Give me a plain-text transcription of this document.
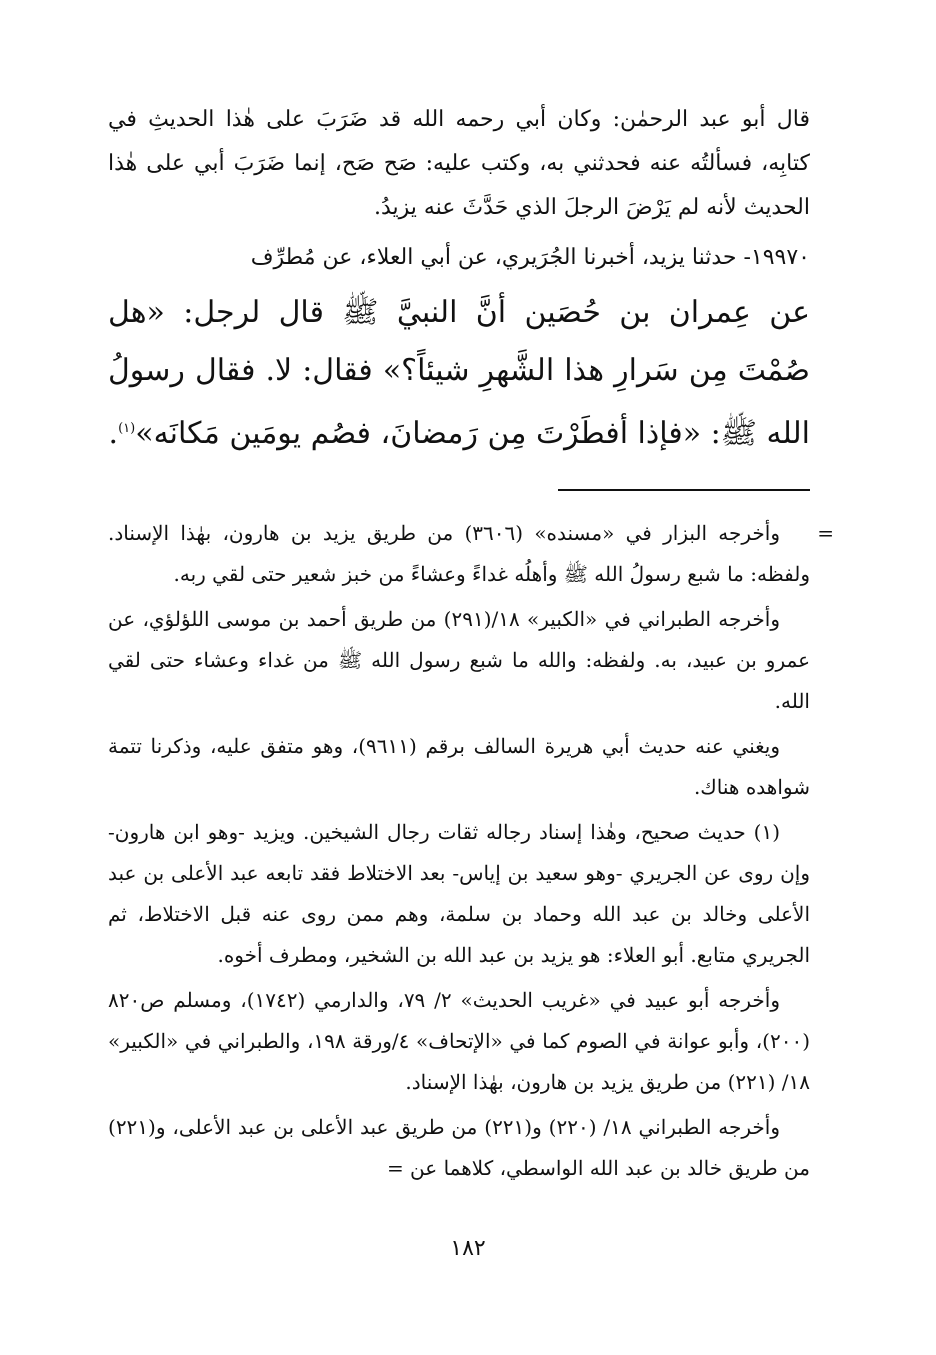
قال أبو عبد الرحمٰن: وكان أبي رحمه الله قد ضَرَبَ على هٰذا الحديثِ في كتابِه، فسألتُه عنه فحدثني به، وكتب عليه: صَح صَح، إنما ضَرَبَ أبي على هٰذا الحديث لأنه لم يَرْضَ الرجلَ الذي حَدَّثَ عنه يزيدُ.

١٩٩٧٠- حدثنا يزيد، أخبرنا الجُرَيري، عن أبي العلاء، عن مُطرِّف

عن عِمران بن حُصَين أنَّ النبيَّ ﷺ قال لرجل: «هل صُمْتَ مِن سَرارِ هذا الشَّهرِ شيئاً؟» فقال: لا. فقال رسولُ الله ﷺ: «فإذا أفطَرْتَ مِن رَمضانَ، فصُم يومَين مَكانَه»$^{(١)}$.

=

وأخرجه البزار في «مسنده» (٣٦٠٦) من طريق يزيد بن هارون، بهٰذا الإسناد. ولفظه: ما شبع رسولُ الله ﷺ وأهلُه غداءً وعشاءً من خبز شعير حتى لقي ربه.

وأخرجه الطبراني في «الكبير» ١٨/(٢٩١) من طريق أحمد بن موسى اللؤلؤي، عن عمرو بن عبيد، به. ولفظه: والله ما شبع رسول الله ﷺ من غداء وعشاء حتى لقي الله.

ويغني عنه حديث أبي هريرة السالف برقم (٩٦١١)، وهو متفق عليه، وذكرنا تتمة شواهده هناك.

(١) حديث صحيح، وهٰذا إسناد رجاله ثقات رجال الشيخين. ويزيد -وهو ابن هارون- وإن روى عن الجريري -وهو سعيد بن إياس- بعد الاختلاط فقد تابعه عبد الأعلى بن عبد الأعلى وخالد بن عبد الله وحماد بن سلمة، وهم ممن روى عنه قبل الاختلاط، ثم الجريري متابع. أبو العلاء: هو يزيد بن عبد الله بن الشخير، ومطرف أخوه.

وأخرجه أبو عبيد في «غريب الحديث» ٢/ ٧٩، والدارمي (١٧٤٢)، ومسلم ص٨٢٠ (٢٠٠)، وأبو عوانة في الصوم كما في «الإتحاف» ٤/ورقة ١٩٨، والطبراني في «الكبير» ١٨/ (٢٢١) من طريق يزيد بن هارون، بهٰذا الإسناد.

وأخرجه الطبراني ١٨/ (٢٢٠) و(٢٢١) من طريق عبد الأعلى بن عبد الأعلى، و(٢٢١) من طريق خالد بن عبد الله الواسطي، كلاهما عن =

١٨٢
